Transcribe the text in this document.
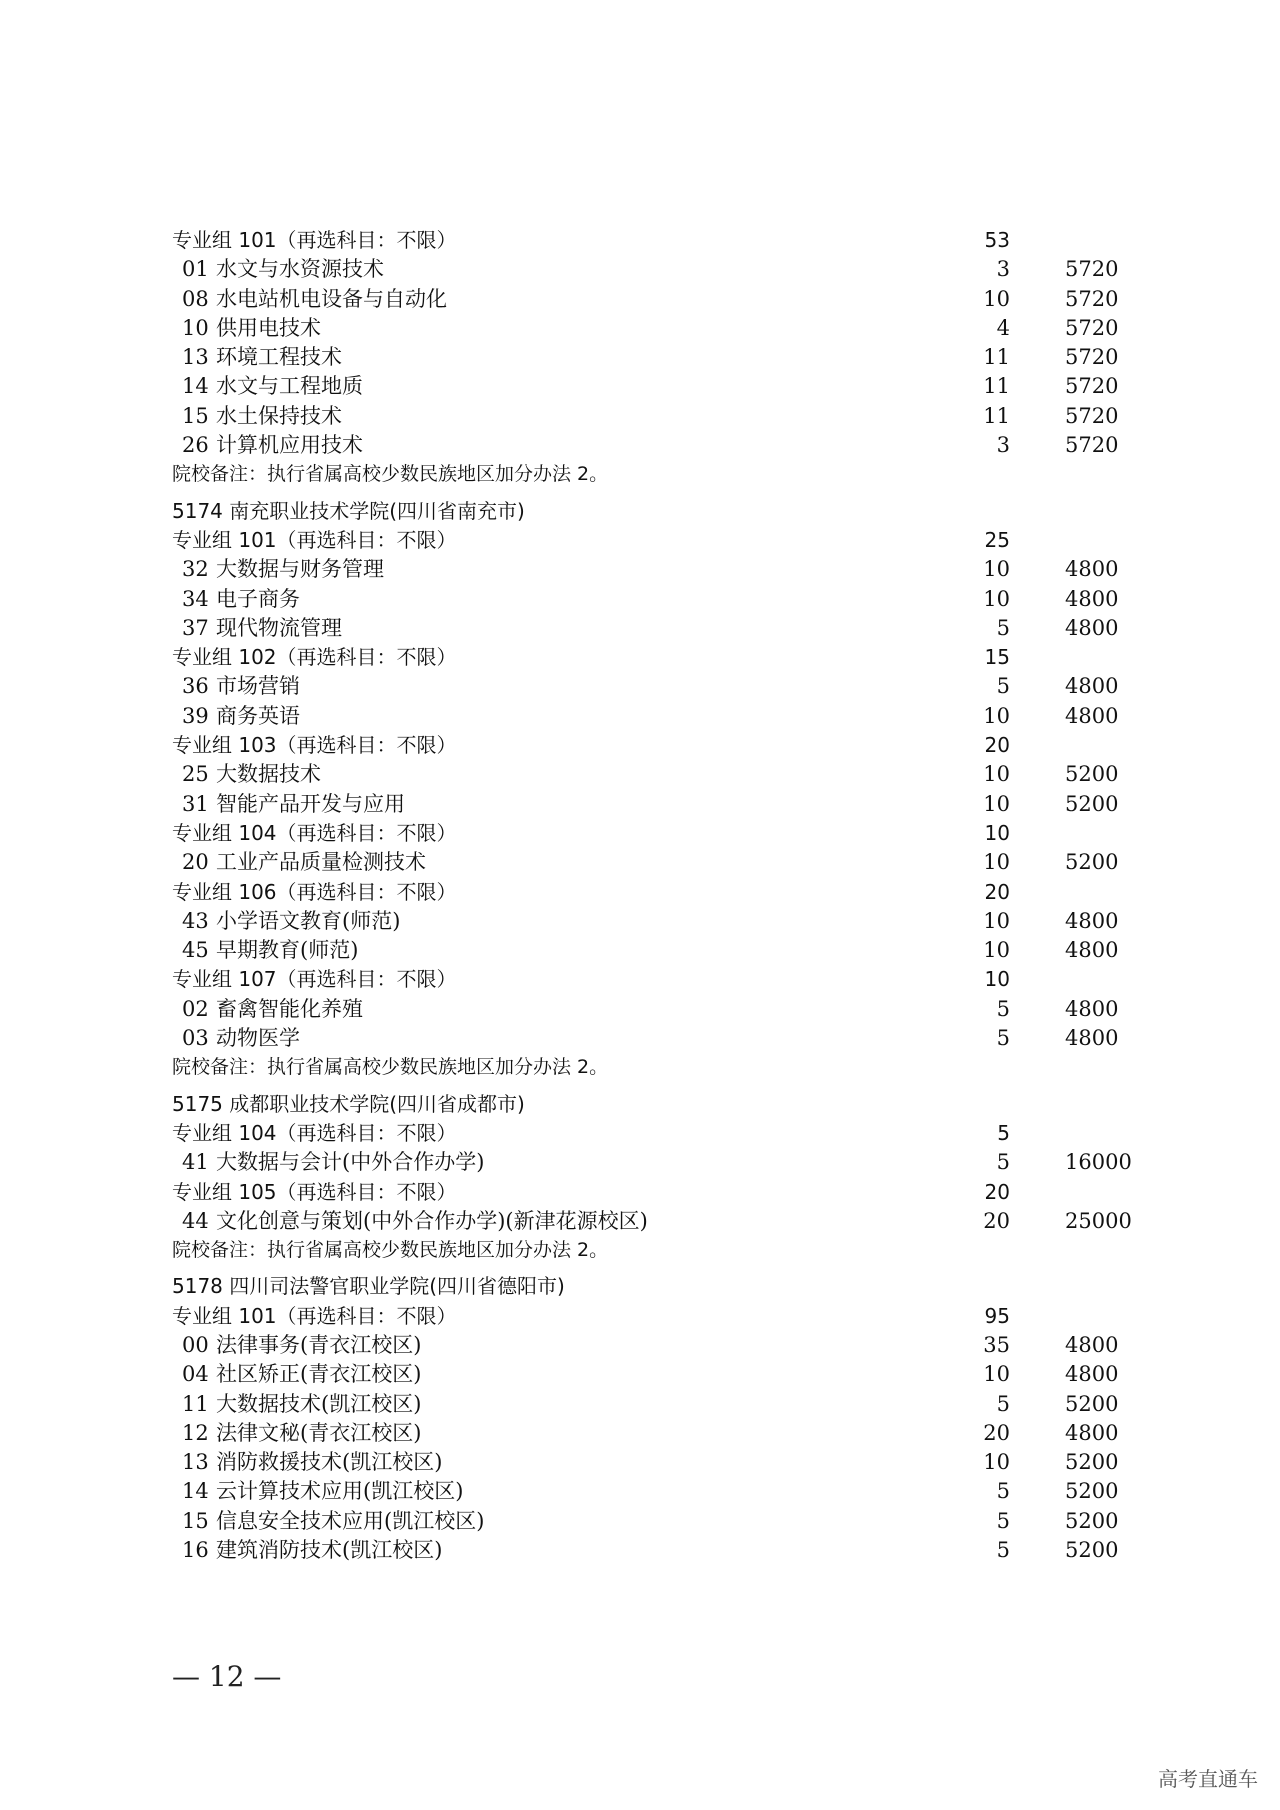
专业组 101（再选科目：不限）	53
01 水文与水资源技术	3	5720
08 水电站机电设备与自动化	10	5720
10 供用电技术	4	5720
13 环境工程技术	11	5720
14 水文与工程地质	11	5720
15 水土保持技术	11	5720
26 计算机应用技术	3	5720
院校备注：执行省属高校少数民族地区加分办法 2。
5174 南充职业技术学院(四川省南充市)
专业组 101（再选科目：不限）	25
32 大数据与财务管理	10	4800
34 电子商务	10	4800
37 现代物流管理	5	4800
专业组 102（再选科目：不限）	15
36 市场营销	5	4800
39 商务英语	10	4800
专业组 103（再选科目：不限）	20
25 大数据技术	10	5200
31 智能产品开发与应用	10	5200
专业组 104（再选科目：不限）	10
20 工业产品质量检测技术	10	5200
专业组 106（再选科目：不限）	20
43 小学语文教育(师范)	10	4800
45 早期教育(师范)	10	4800
专业组 107（再选科目：不限）	10
02 畜禽智能化养殖	5	4800
03 动物医学	5	4800
院校备注：执行省属高校少数民族地区加分办法 2。
5175 成都职业技术学院(四川省成都市)
专业组 104（再选科目：不限）	5
41 大数据与会计(中外合作办学)	5	16000
专业组 105（再选科目：不限）	20
44 文化创意与策划(中外合作办学)(新津花源校区)	20	25000
院校备注：执行省属高校少数民族地区加分办法 2。
5178 四川司法警官职业学院(四川省德阳市)
专业组 101（再选科目：不限）	95
00 法律事务(青衣江校区)	35	4800
04 社区矫正(青衣江校区)	10	4800
11 大数据技术(凯江校区)	5	5200
12 法律文秘(青衣江校区)	20	4800
13 消防救援技术(凯江校区)	10	5200
14 云计算技术应用(凯江校区)	5	5200
15 信息安全技术应用(凯江校区)	5	5200
16 建筑消防技术(凯江校区)	5	5200
— 12 —
高考直通车
